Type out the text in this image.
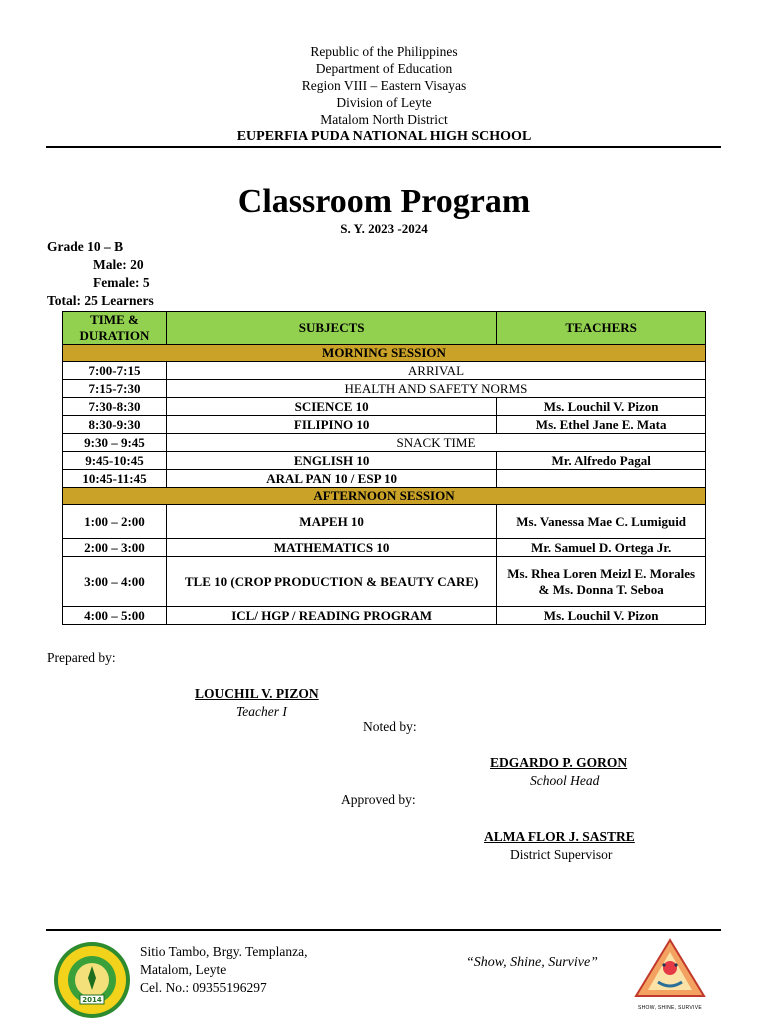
Republic of the Philippines
Department of Education
Region VIII – Eastern Visayas
Division of Leyte
Matalom North District
EUPERFIA PUDA NATIONAL HIGH SCHOOL
Classroom Program
S. Y. 2023 -2024
Grade 10 – B
Male: 20
Female: 5
Total: 25 Learners
TIME & DURATION	SUBJECTS	TEACHERS
MORNING SESSION		
7:00-7:15	ARRIVAL	
7:15-7:30	HEALTH AND SAFETY NORMS	
7:30-8:30	SCIENCE 10	Ms. Louchil V. Pizon
8:30-9:30	FILIPINO 10	Ms. Ethel Jane E. Mata
9:30 – 9:45	SNACK TIME	
9:45-10:45	ENGLISH 10	Mr. Alfredo Pagal
10:45-11:45	ARAL PAN 10 / ESP 10	
AFTERNOON SESSION		
1:00 – 2:00	MAPEH 10	Ms. Vanessa Mae C. Lumiguid
2:00 – 3:00	MATHEMATICS 10	Mr. Samuel D. Ortega Jr.
3:00 – 4:00	TLE 10 (CROP PRODUCTION & BEAUTY CARE)	Ms. Rhea Loren Meizl E. Morales & Ms. Donna T. Seboa
4:00 – 5:00	ICL/ HGP / READING PROGRAM	Ms. Louchil V. Pizon
Prepared by:
LOUCHIL V. PIZON
Teacher I
Noted by:
EDGARDO P. GORON
School Head
Approved by:
ALMA FLOR J. SASTRE
District Supervisor
2014
Sitio Tambo, Brgy. Templanza,
Matalom, Leyte
Cel. No.: 09355196297
“Show, Shine, Survive”
SHOW, SHINE, SURVIVE
